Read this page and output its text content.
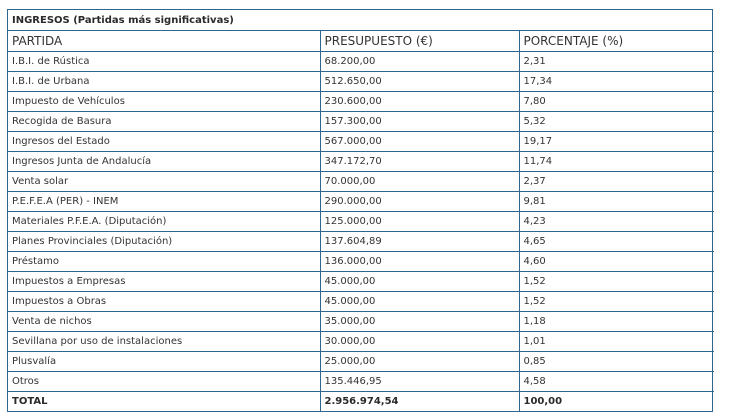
INGRESOS (Partidas más significativas)
PARTIDA	PRESUPUESTO (€)	PORCENTAJE (%)
I.B.I. de Rústica	68.200,00	2,31
I.B.I. de Urbana	512.650,00	17,34
Impuesto de Vehículos	230.600,00	7,80
Recogida de Basura	157.300,00	5,32
Ingresos del Estado	567.000,00	19,17
Ingresos Junta de Andalucía	347.172,70	11,74
Venta solar	70.000,00	2,37
P.E.F.E.A (PER) - INEM	290.000,00	9,81
Materiales P.F.E.A. (Diputación)	125.000,00	4,23
Planes Provinciales (Diputación)	137.604,89	4,65
Préstamo	136.000,00	4,60
Impuestos a Empresas	45.000,00	1,52
Impuestos a Obras	45.000,00	1,52
Venta de nichos	35.000,00	1,18
Sevillana por uso de instalaciones	30.000,00	1,01
Plusvalía	25.000,00	0,85
Otros	135.446,95	4,58
TOTAL	2.956.974,54	100,00
